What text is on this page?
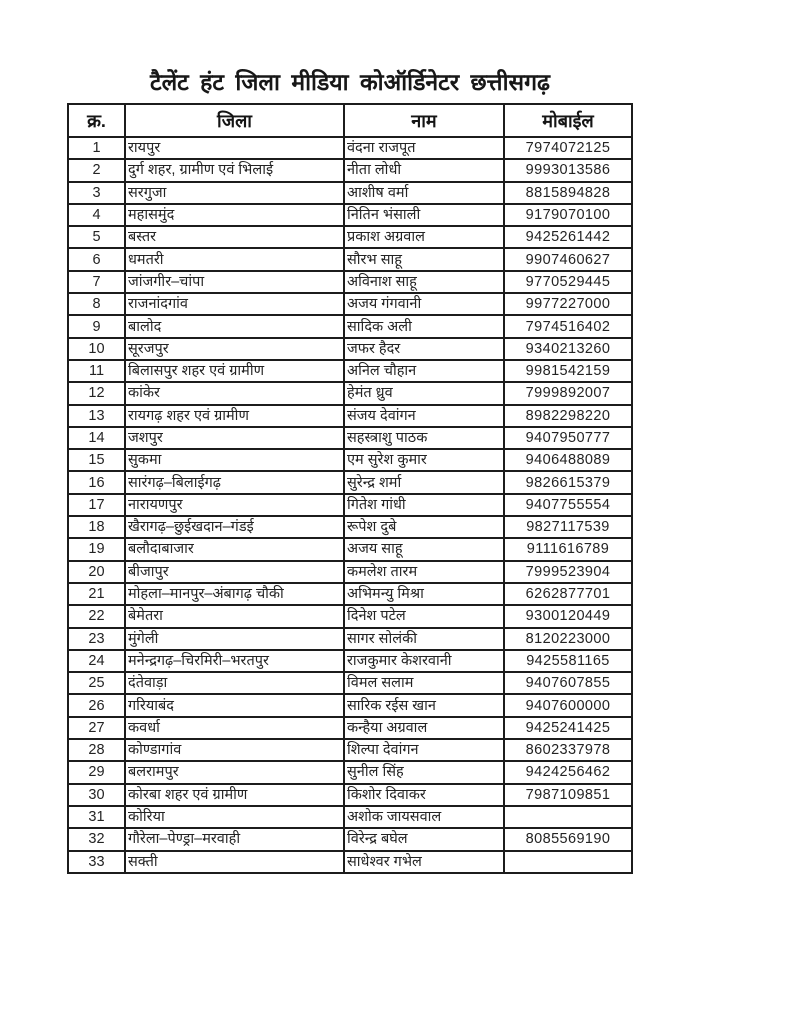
टैलेंट हंट जिला मीडिया कोऑर्डिनेटर छत्तीसगढ़
क्र.	जिला	नाम	मोबाईल
1	रायपुर	वंदना राजपूत	7974072125
2	दुर्ग शहर, ग्रामीण एवं भिलाई	नीता लोधी	9993013586
3	सरगुजा	आशीष वर्मा	8815894828
4	महासमुंद	नितिन भंसाली	9179070100
5	बस्तर	प्रकाश अग्रवाल	9425261442
6	धमतरी	सौरभ साहू	9907460627
7	जांजगीर–चांपा	अविनाश साहू	9770529445
8	राजनांदगांव	अजय गंगवानी	9977227000
9	बालोद	सादिक अली	7974516402
10	सूरजपुर	जफर हैदर	9340213260
11	बिलासपुर शहर एवं ग्रामीण	अनिल चौहान	9981542159
12	कांकेर	हेमंत ध्रुव	7999892007
13	रायगढ़ शहर एवं ग्रामीण	संजय देवांगन	8982298220
14	जशपुर	सहस्त्राशु पाठक	9407950777
15	सुकमा	एम सुरेश कुमार	9406488089
16	सारंगढ़–बिलाईगढ़	सुरेन्द्र शर्मा	9826615379
17	नारायणपुर	गितेश गांधी	9407755554
18	खैरागढ़–छुईखदान–गंडई	रूपेश दुबे	9827117539
19	बलौदाबाजार	अजय साहू	9111616789
20	बीजापुर	कमलेश तारम	7999523904
21	मोहला–मानपुर–अंबागढ़ चौकी	अभिमन्यु मिश्रा	6262877701
22	बेमेतरा	दिनेश पटेल	9300120449
23	मुंगेली	सागर सोलंकी	8120223000
24	मनेन्द्रगढ़–चिरमिरी–भरतपुर	राजकुमार केशरवानी	9425581165
25	दंतेवाड़ा	विमल सलाम	9407607855
26	गरियाबंद	सारिक रईस खान	9407600000
27	कवर्धा	कन्हैया अग्रवाल	9425241425
28	कोण्डागांव	शिल्पा देवांगन	8602337978
29	बलरामपुर	सुनील सिंह	9424256462
30	कोरबा शहर एवं ग्रामीण	किशोर दिवाकर	7987109851
31	कोरिया	अशोक जायसवाल	
32	गौरेला–पेण्ड्रा–मरवाही	विरेन्द्र बघेल	8085569190
33	सक्ती	साधेश्वर गभेल	
